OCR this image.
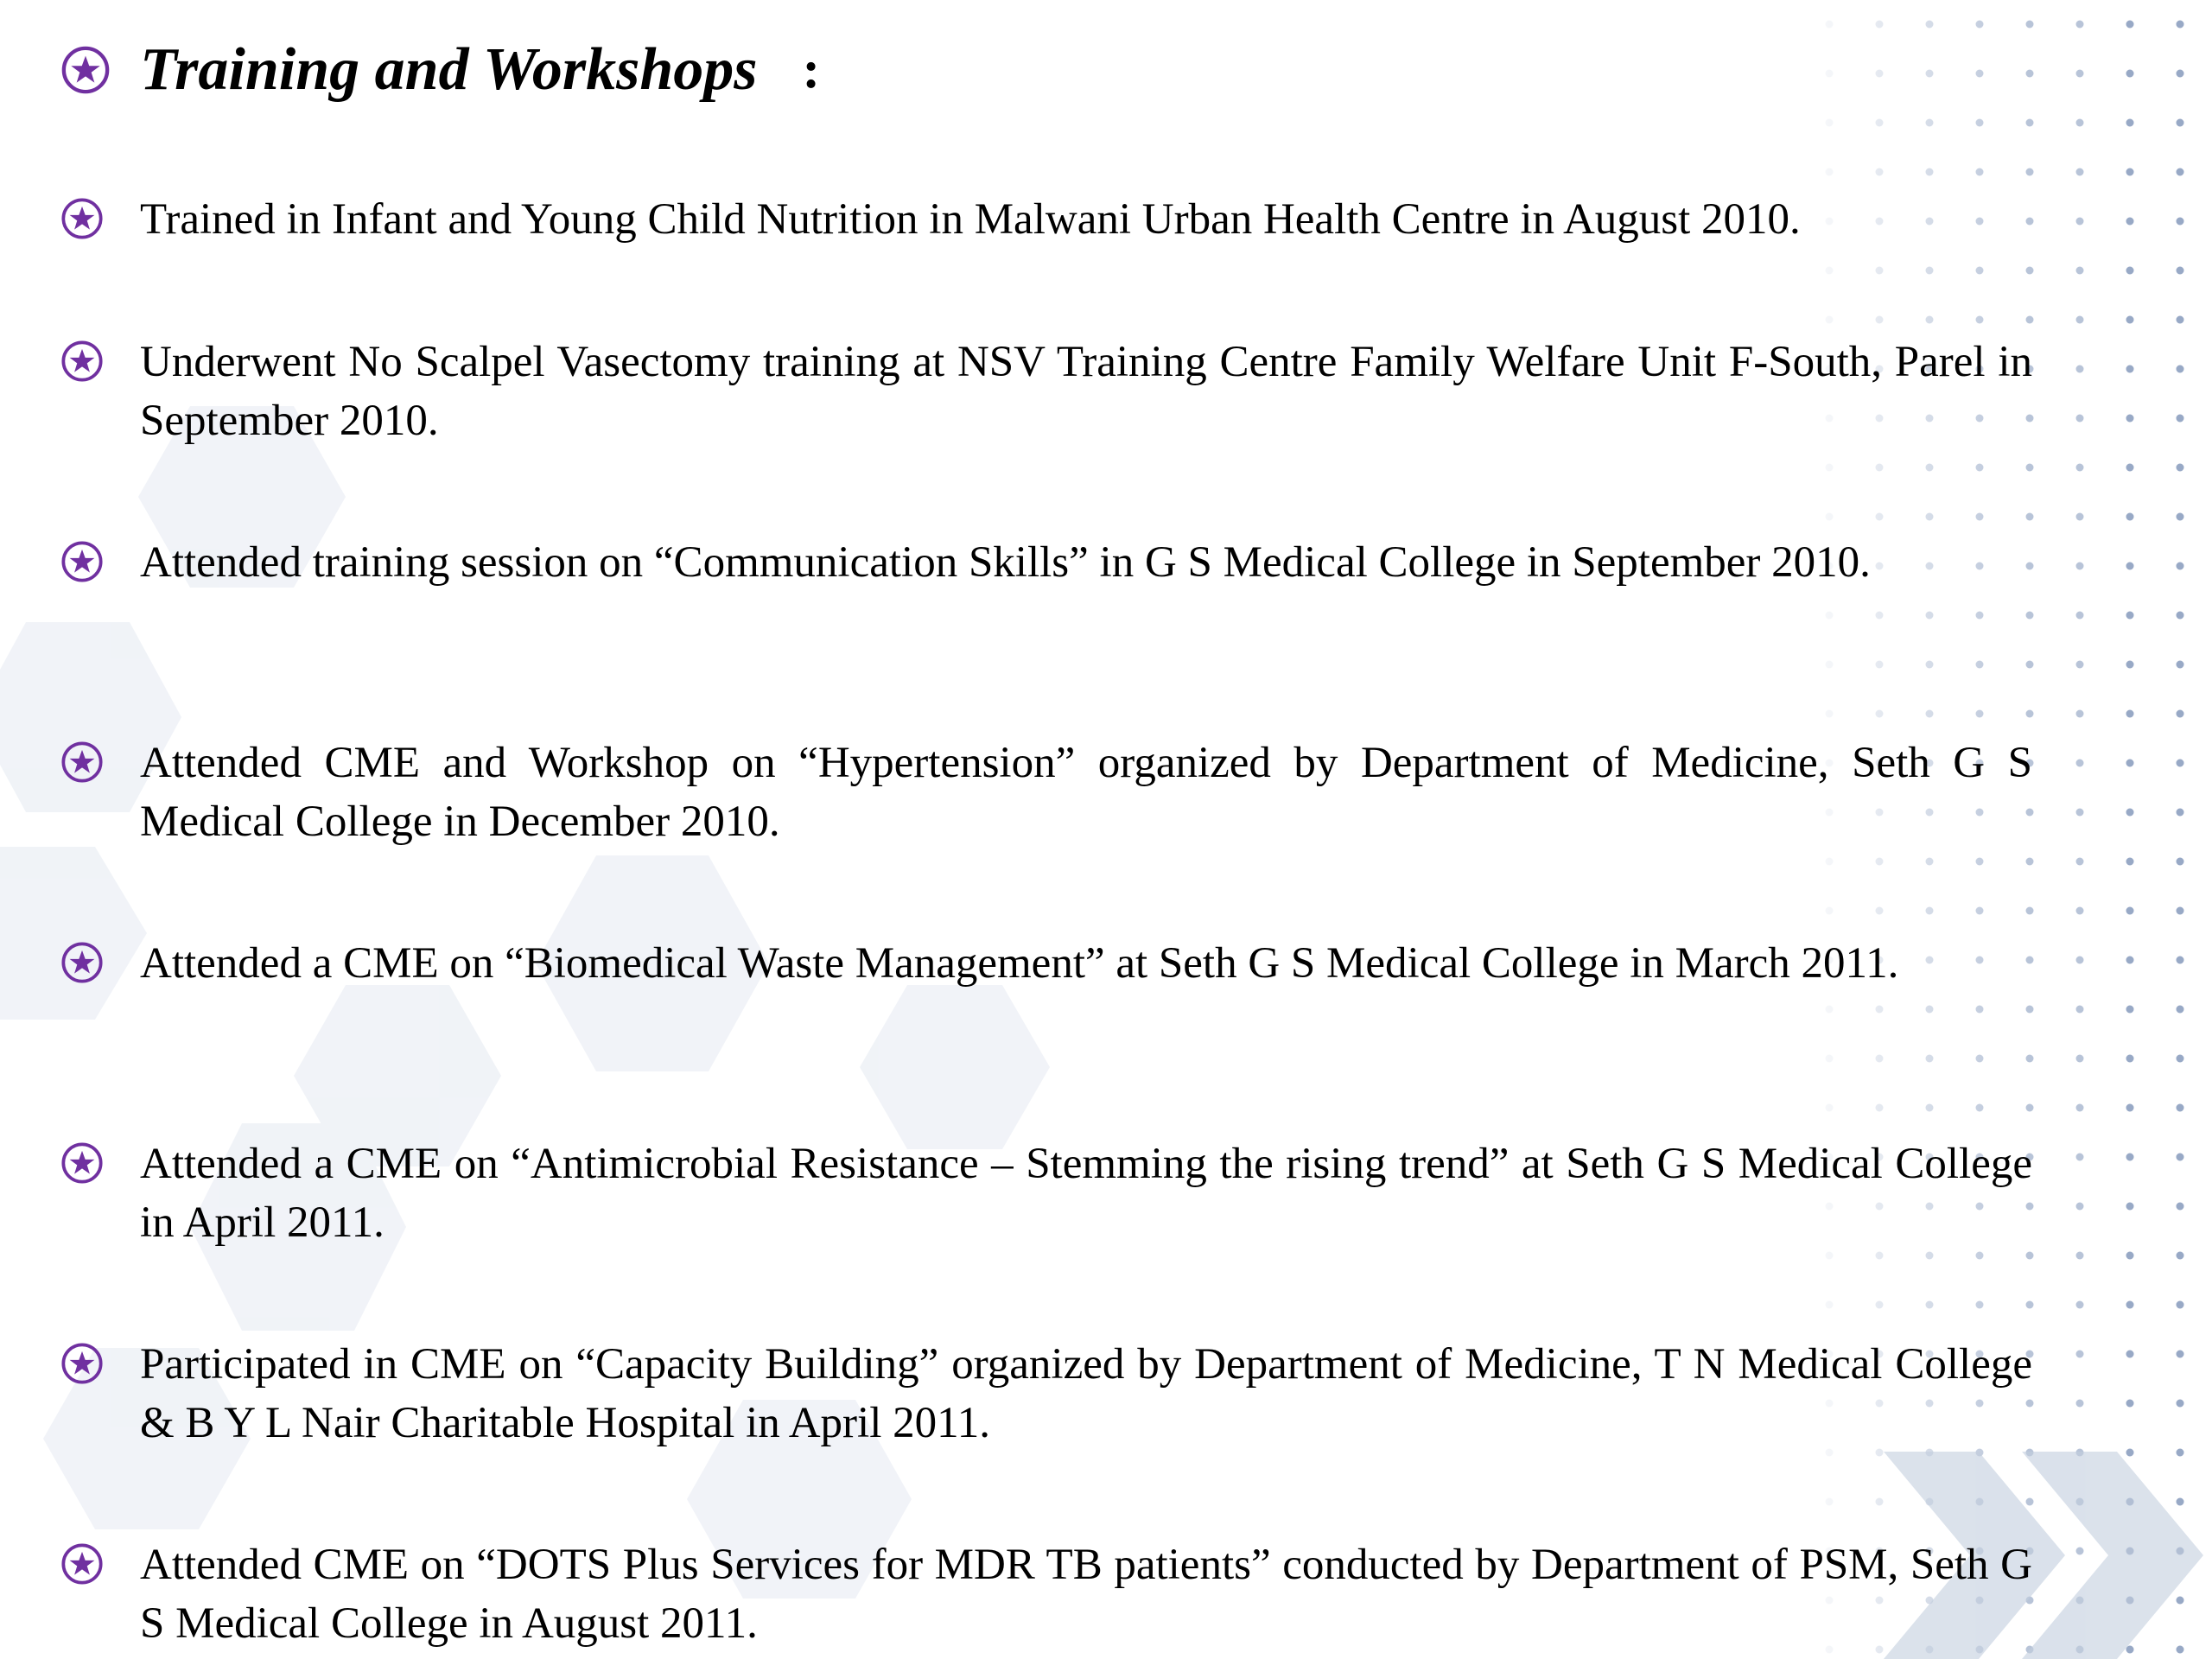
Training and Workshops :
Trained in Infant and Young Child Nutrition in Malwani Urban Health Centre in August 2010.
Underwent No Scalpel Vasectomy training at NSV Training Centre Family Welfare Unit F-South, Parel in September 2010.
Attended training session on “Communication Skills” in G S Medical College in September 2010.
Attended CME and Workshop on “Hypertension” organized by Department of Medicine, Seth G S Medical College in December 2010.
Attended a CME on “Biomedical Waste Management” at Seth G S Medical College in March 2011.
Attended a CME on “Antimicrobial Resistance – Stemming the rising trend” at Seth G S Medical College in April 2011.
Participated in CME on “Capacity Building” organized by Department of Medicine, T N Medical College & B Y L Nair Charitable Hospital in April 2011.
Attended CME on “DOTS Plus Services for MDR TB patients” conducted by Department of PSM, Seth G S Medical College in August 2011.
